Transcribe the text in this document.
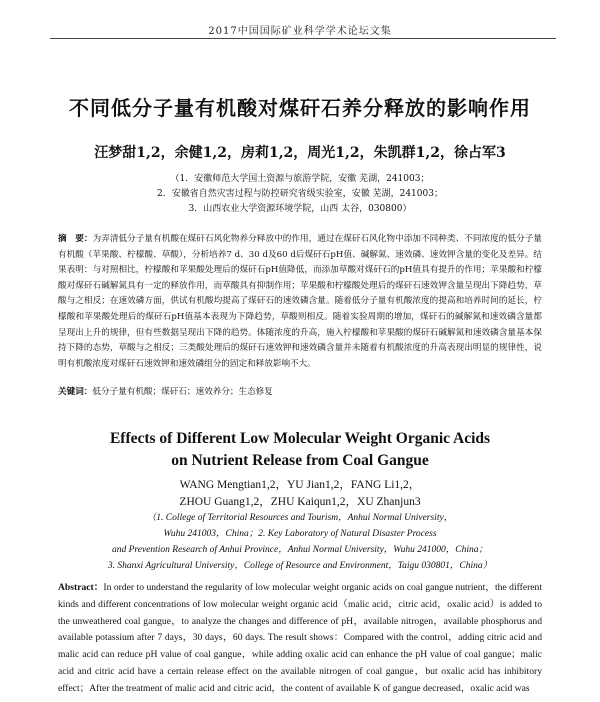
2017中国国际矿业科学学术论坛文集
不同低分子量有机酸对煤矸石养分释放的影响作用
汪梦甜1,2，余健1,2，房莉1,2，周光1,2，朱凯群1,2，徐占军3
（1．安徽师范大学国土资源与旅游学院，安徽 芜湖，241003；
2．安徽省自然灾害过程与防控研究省级实验室，安徽 芜湖，241003；
3．山西农业大学资源环境学院，山西 太谷，030800）
摘　要：为弄清低分子量有机酸在煤矸石风化物养分释放中的作用，通过在煤矸石风化物中添加不同种类、不同浓度的低分子量有机酸（苹果酸、柠檬酸、草酸），分析培养7 d、30 d及60 d后煤矸石pH值、碱解氮、速效磷、速效钾含量的变化及差异。结果表明：与对照相比，柠檬酸和苹果酸处理后的煤矸石pH值降低，而添加草酸对煤矸石的pH值具有提升的作用；苹果酸和柠檬酸对煤矸石碱解氮具有一定的释放作用，而草酸具有抑制作用；苹果酸和柠檬酸处理后的煤矸石速效钾含量呈现出下降趋势，草酸与之相反；在速效磷方面，供试有机酸均提高了煤矸石的速效磷含量。随着低分子量有机酸浓度的提高和培养时间的延长，柠檬酸和苹果酸处理后的煤矸石pH值基本表现为下降趋势，草酸则相反。随着实验周期的增加，煤矸石的碱解氮和速效磷含量都呈现出上升的规律，但有些数据呈现出下降的趋势。体随浓度的升高，施入柠檬酸和苹果酸的煤矸石碱解氮和速效磷含量基本保持下降的态势，草酸与之相反；三类酸处理后的煤矸石速效钾和速效磷含量并未随着有机酸浓度的升高表现出明显的规律性，说明有机酸浓度对煤矸石速效钾和速效磷组分的固定和释放影响不大。
关键词：低分子量有机酸；煤矸石；速效养分；生态修复
Effects of Different Low Molecular Weight Organic Acids
on Nutrient Release from Coal Gangue
WANG Mengtian1,2，YU Jian1,2，FANG Li1,2，
ZHOU Guang1,2，ZHU Kaiqun1,2，XU Zhanjun3
（1. College of Territorial Resources and Tourism，Anhui Normal University，
Wuhu 241003，China；2. Key Laboratory of Natural Disaster Process
and Prevention Research of Anhui Province，Anhui Normal University，Wuhu 241000，China；
3. Shanxi Agricultural University，College of Resource and Environment，Taigu 030801，China）
Abstract：In order to understand the regularity of low molecular weight organic acids on coal gangue nutrient，the different kinds and different concentrations of low molecular weight organic acid（malic acid，citric acid，oxalic acid）is added to the unweathered coal gangue，to analyze the changes and difference of pH，available nitrogen，available phosphorus and available potassium after 7 days，30 days，60 days. The result shows：Compared with the control，adding citric acid and malic acid can reduce pH value of coal gangue，while adding oxalic acid can enhance the pH value of coal gangue；malic acid and citric acid have a certain release effect on the available nitrogen of coal gangue，but oxalic acid has inhibitory effect；After the treatment of malic acid and citric acid，the content of available K of gangue decreased，oxalic acid was
